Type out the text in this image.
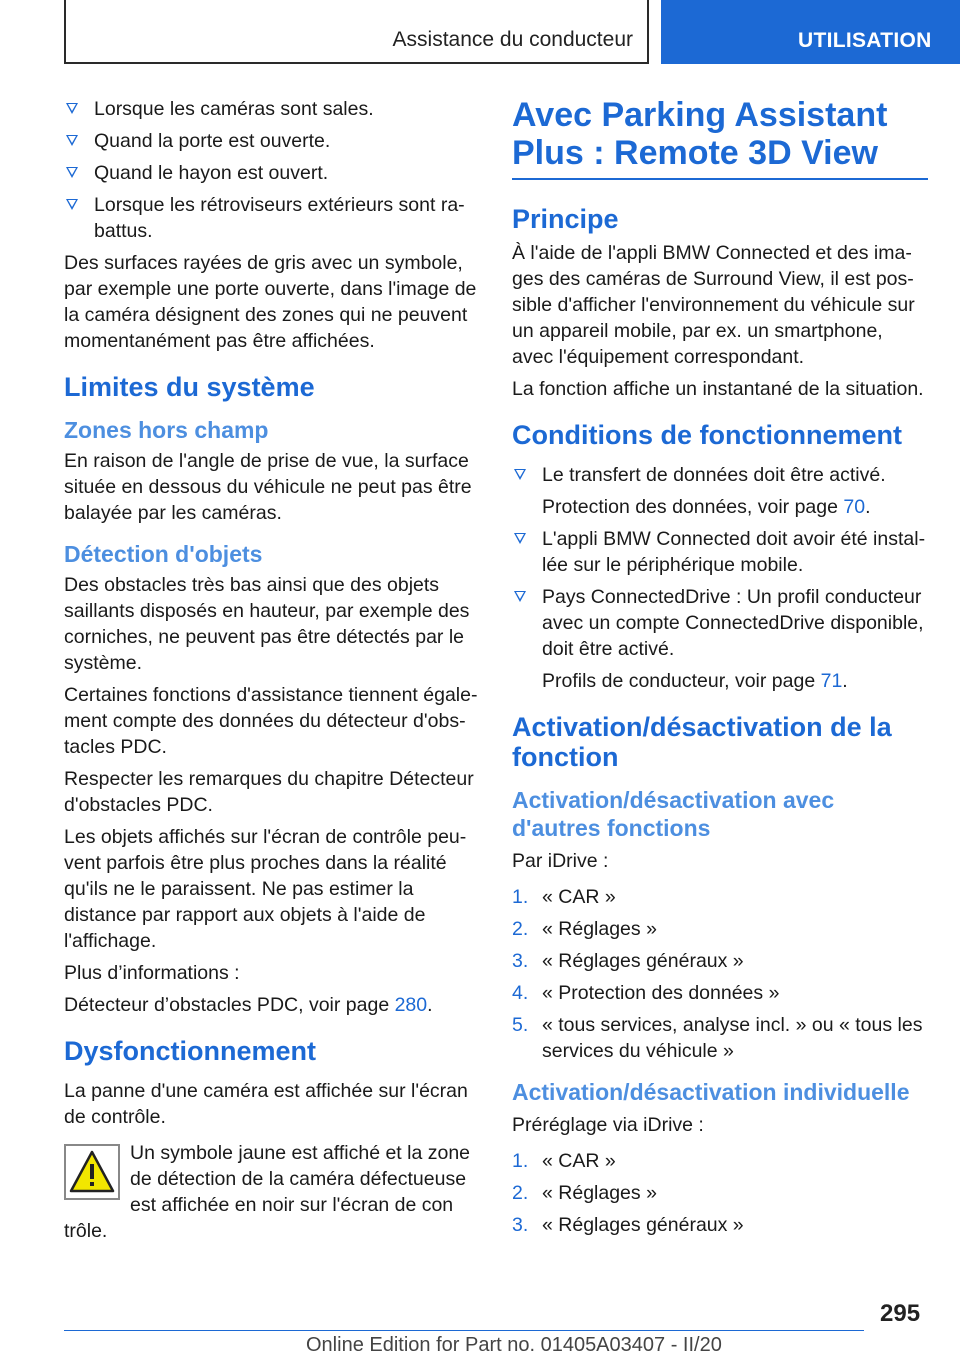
Assistance du conducteur	UTILISATION
Lorsque les caméras sont sales.
Quand la porte est ouverte.
Quand le hayon est ouvert.
Lorsque les rétroviseurs extérieurs sont rabattus.

Des surfaces rayées de gris avec un symbole, par exemple une porte ouverte, dans l'image de la caméra désignent des zones qui ne peuvent momentanément pas être affichées.

Limites du système
Zones hors champ

En raison de l'angle de prise de vue, la surface située en dessous du véhicule ne peut pas être balayée par les caméras.

Détection d'objets

Des obstacles très bas ainsi que des objets saillants disposés en hauteur, par exemple des corniches, ne peuvent pas être détectés par le système.

Certaines fonctions d'assistance tiennent également compte des données du détecteur d'obstacles PDC.

Respecter les remarques du chapitre Détecteur d'obstacles PDC.

Les objets affichés sur l'écran de contrôle peuvent parfois être plus proches dans la réalité qu'ils ne le paraissent. Ne pas estimer la distance par rapport aux objets à l'aide de l'affichage.

Plus d’informations :

Détecteur d’obstacles PDC, voir page 280.

Dysfonctionnement

La panne d'une caméra est affichée sur l'écran de contrôle.

Un symbole jaune est affiché et la zone de détection de la caméra défectueuse est affichée en noir sur l'écran de con

trôle.

Avec Parking Assistant Plus : Remote 3D View
Principe

À l'aide de l'appli BMW Connected et des images des caméras de Surround View, il est possible d'afficher l'environnement du véhicule sur un appareil mobile, par ex. un smartphone, avec l'équipement correspondant.

La fonction affiche un instantané de la situation.

Conditions de fonctionnement
Le transfert de données doit être activé.

Protection des données, voir page 70.

L'appli BMW Connected doit avoir été installée sur le périphérique mobile.
Pays ConnectedDrive : Un profil conducteur avec un compte ConnectedDrive disponible, doit être activé.

Profils de conducteur, voir page 71.

Activation/désactivation de la fonction
Activation/désactivation avec d'autres fonctions

Par iDrive :

1. « CAR »
2. « Réglages »
3. « Réglages généraux »
4. « Protection des données »
5. « tous services, analyse incl. » ou « tous les services du véhicule »
Activation/désactivation individuelle

Préréglage via iDrive :

1. « CAR »
2. « Réglages »
3. « Réglages généraux »
295
Online Edition for Part no. 01405A03407 - II/20
